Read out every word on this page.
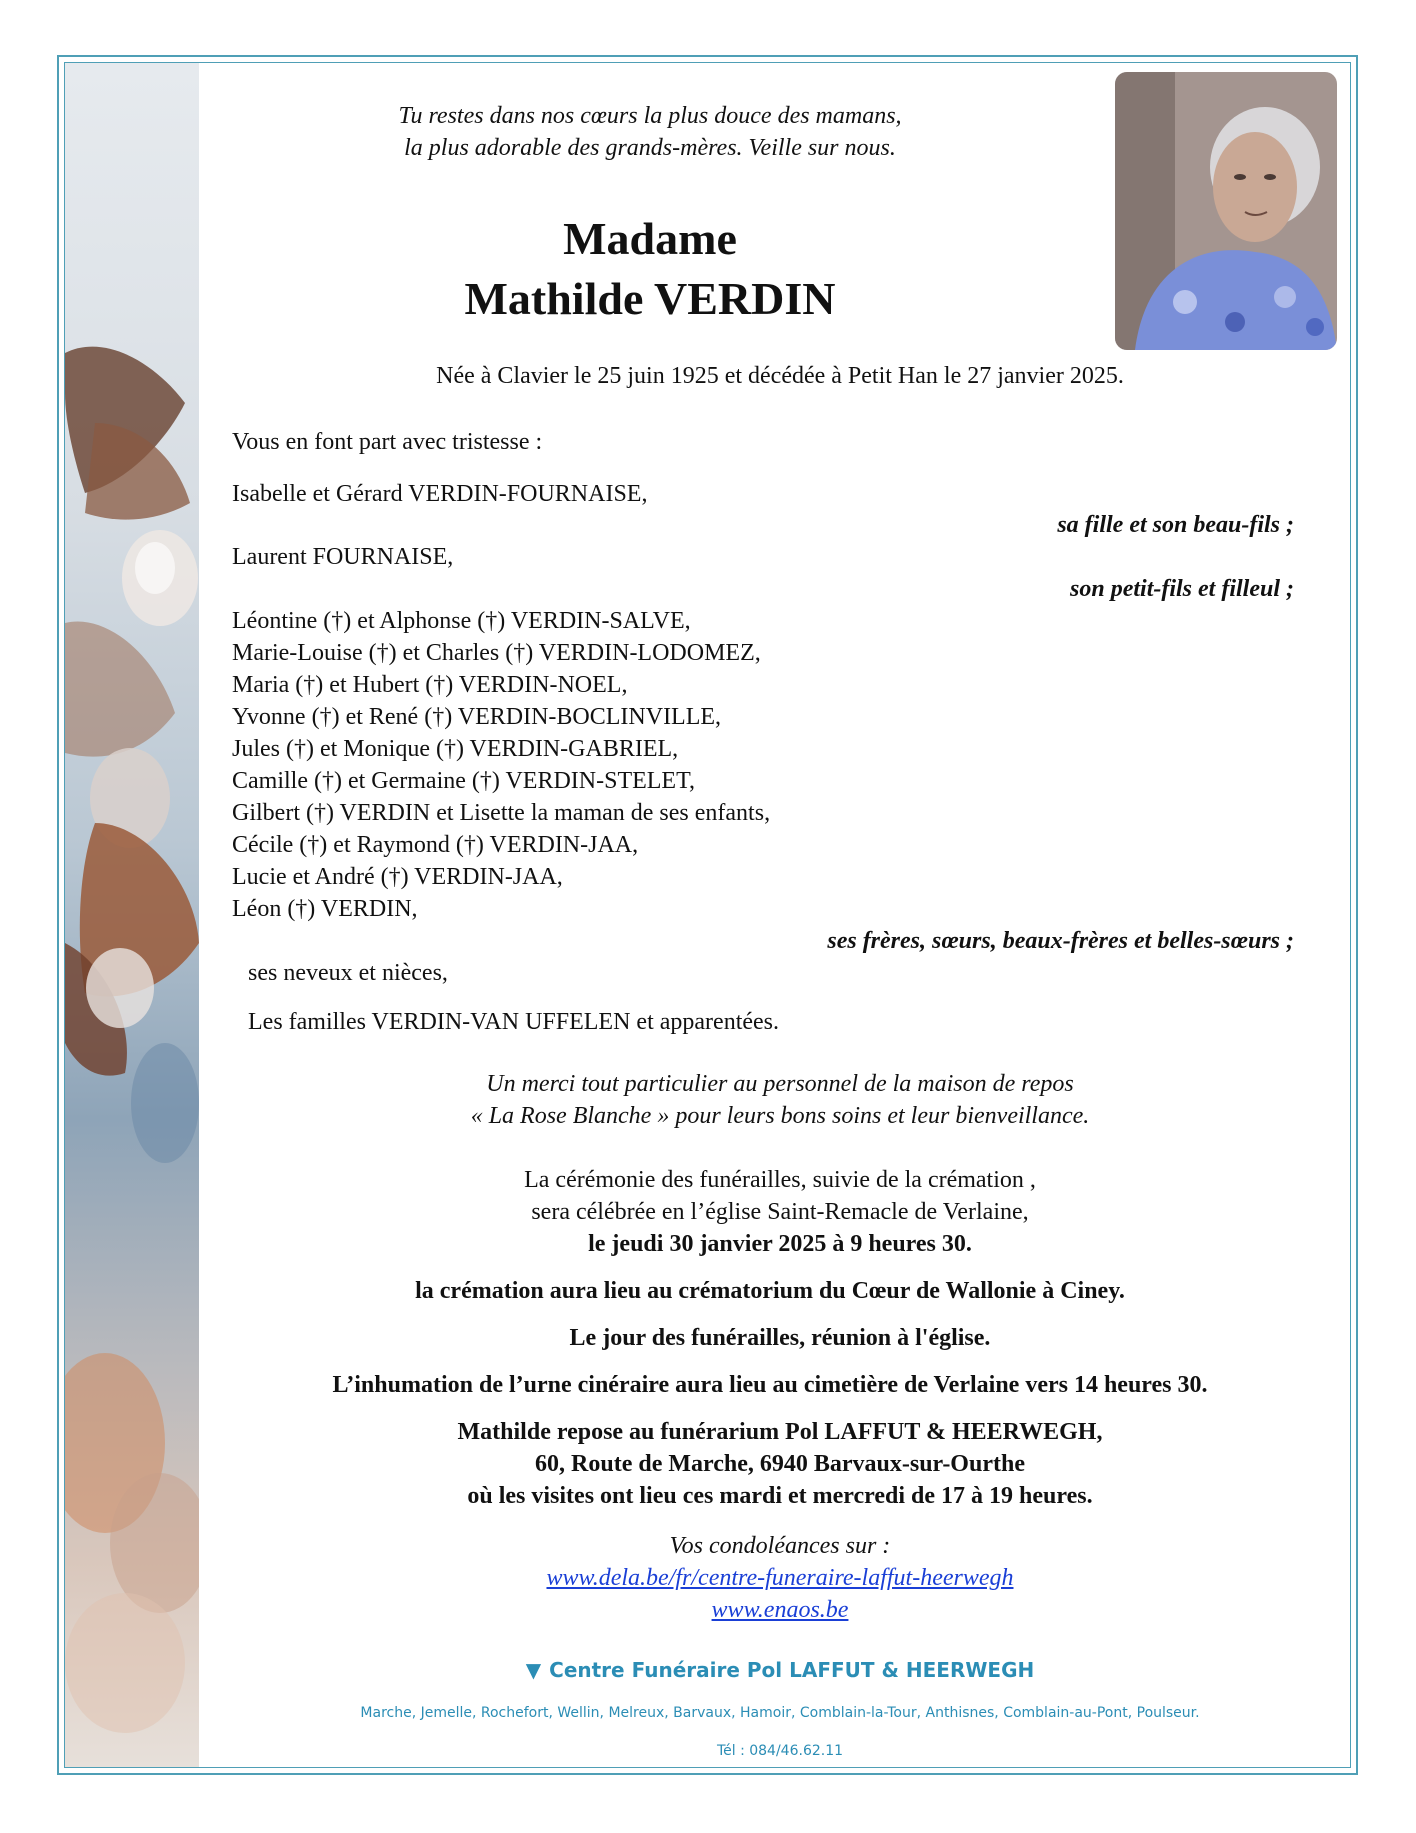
Tu restes dans nos cœurs la plus douce des mamans,
la plus adorable des grands-mères. Veille sur nous.
Madame
Mathilde VERDIN
Née à Clavier le 25 juin 1925 et décédée à Petit Han le 27 janvier 2025.
Vous en font part avec tristesse :
Isabelle et Gérard VERDIN-FOURNAISE,
sa fille et son beau-fils ;
Laurent FOURNAISE,
son petit-fils et filleul ;
Léontine (†) et Alphonse (†) VERDIN-SALVE,
Marie-Louise (†) et Charles (†) VERDIN-LODOMEZ,
Maria (†) et Hubert (†) VERDIN-NOEL,
Yvonne (†) et René (†) VERDIN-BOCLINVILLE,
Jules (†) et Monique (†) VERDIN-GABRIEL,
Camille (†) et Germaine (†) VERDIN-STELET,
Gilbert (†) VERDIN et Lisette la maman de ses enfants,
Cécile (†) et Raymond (†) VERDIN-JAA,
Lucie et André (†) VERDIN-JAA,
Léon (†) VERDIN,
ses frères, sœurs, beaux-frères et belles-sœurs ;
ses neveux et nièces,
Les familles VERDIN-VAN UFFELEN et apparentées.
Un merci tout particulier au personnel de la maison de repos
« La Rose Blanche » pour leurs bons soins et leur bienveillance.
La cérémonie des funérailles, suivie de la crémation ,
sera célébrée en l’église Saint-Remacle de Verlaine,
le jeudi 30 janvier 2025 à 9 heures 30.
la crémation aura lieu au crématorium du Cœur de Wallonie à Ciney.
Le jour des funérailles, réunion à l'église.
L’inhumation de l’urne cinéraire aura lieu au cimetière de Verlaine vers 14 heures 30.
Mathilde repose au funérarium Pol LAFFUT & HEERWEGH,
60, Route de Marche, 6940 Barvaux-sur-Ourthe
où les visites ont lieu ces mardi et mercredi de 17 à 19 heures.
Vos condoléances sur :
www.dela.be/fr/centre-funeraire-laffut-heerwegh
www.enaos.be
▼ Centre Funéraire Pol LAFFUT & HEERWEGH
Marche, Jemelle, Rochefort, Wellin, Melreux, Barvaux, Hamoir, Comblain-la-Tour, Anthisnes, Comblain-au-Pont, Poulseur.
Tél : 084/46.62.11
